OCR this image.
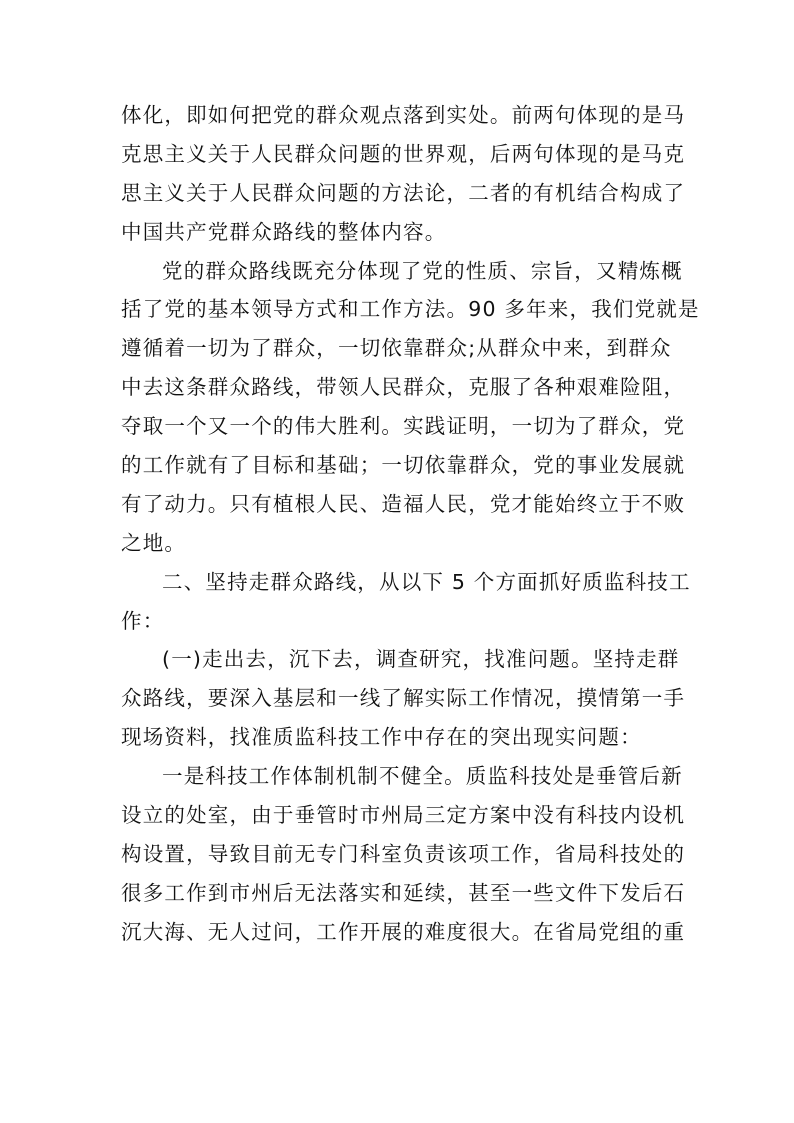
体化，即如何把党的群众观点落到实处。前两句体现的是马
克思主义关于人民群众问题的世界观，后两句体现的是马克
思主义关于人民群众问题的方法论，二者的有机结合构成了
中国共产党群众路线的整体内容。
党的群众路线既充分体现了党的性质、宗旨，又精炼概
括了党的基本领导方式和工作方法。90 多年来，我们党就是
遵循着一切为了群众，一切依靠群众;从群众中来，到群众
中去这条群众路线，带领人民群众，克服了各种艰难险阻，
夺取一个又一个的伟大胜利。实践证明，一切为了群众，党
的工作就有了目标和基础；一切依靠群众，党的事业发展就
有了动力。只有植根人民、造福人民，党才能始终立于不败
之地。
二、坚持走群众路线，从以下 5 个方面抓好质监科技工
作：
(一)走出去，沉下去，调查研究，找准问题。坚持走群
众路线，要深入基层和一线了解实际工作情况，摸情第一手
现场资料，找准质监科技工作中存在的突出现实问题：
一是科技工作体制机制不健全。质监科技处是垂管后新
设立的处室，由于垂管时市州局三定方案中没有科技内设机
构设置，导致目前无专门科室负责该项工作，省局科技处的
很多工作到市州后无法落实和延续，甚至一些文件下发后石
沉大海、无人过问，工作开展的难度很大。在省局党组的重
